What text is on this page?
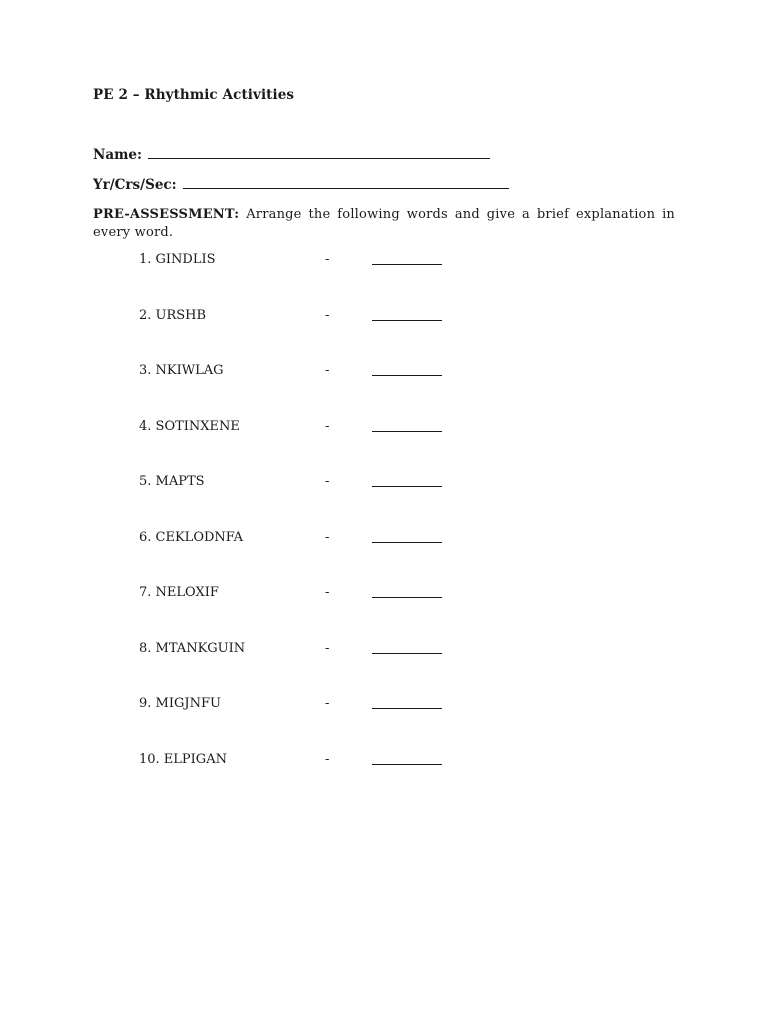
PE 2 – Rhythmic Activities
Name:
Yr/Crs/Sec:
PRE-ASSESSMENT: Arrange the following words and give a brief explanation in every word.
1. GINDLIS	-
2. URSHB	-
3. NKIWLAG	-
4. SOTINXENE	-
5. MAPTS	-
6. CEKLODNFA	-
7. NELOXIF	-
8. MTANKGUIN	-
9. MIGJNFU	-
10. ELPIGAN	-
